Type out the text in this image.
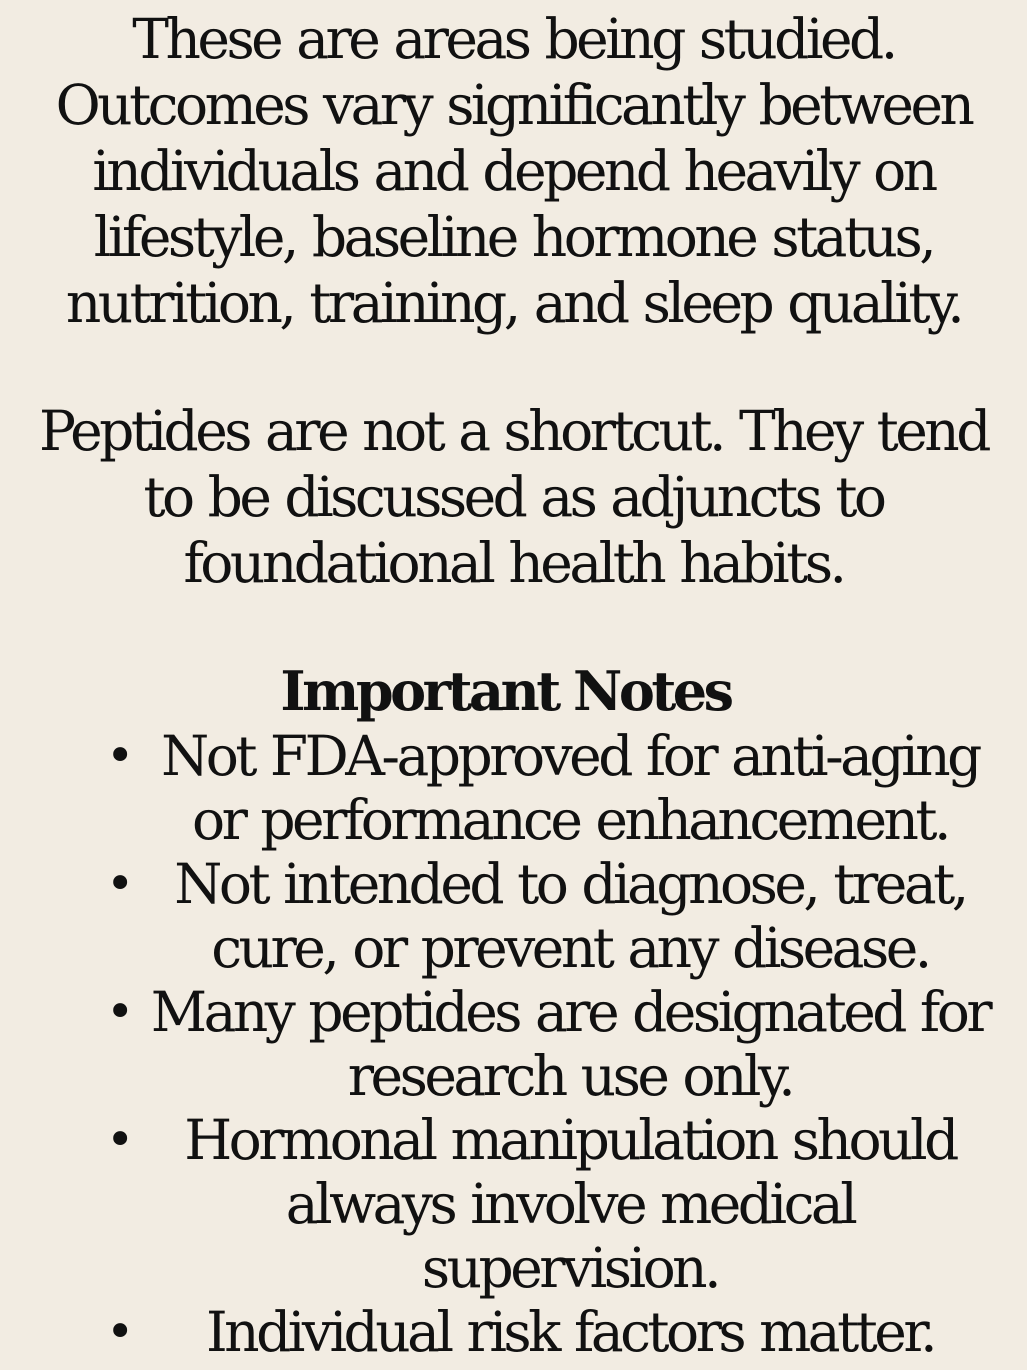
These are areas being studied.
Outcomes vary significantly between
individuals and depend heavily on
lifestyle, baseline hormone status,
nutrition, training, and sleep quality.

Peptides are not a shortcut. They tend
to be discussed as adjuncts to
foundational health habits.

Important Notes
• Not FDA-approved for anti-aging
or performance enhancement.
• Not intended to diagnose, treat,
cure, or prevent any disease.
• Many peptides are designated for
research use only.
• Hormonal manipulation should
always involve medical
supervision.
•	Individual risk factors matter.
